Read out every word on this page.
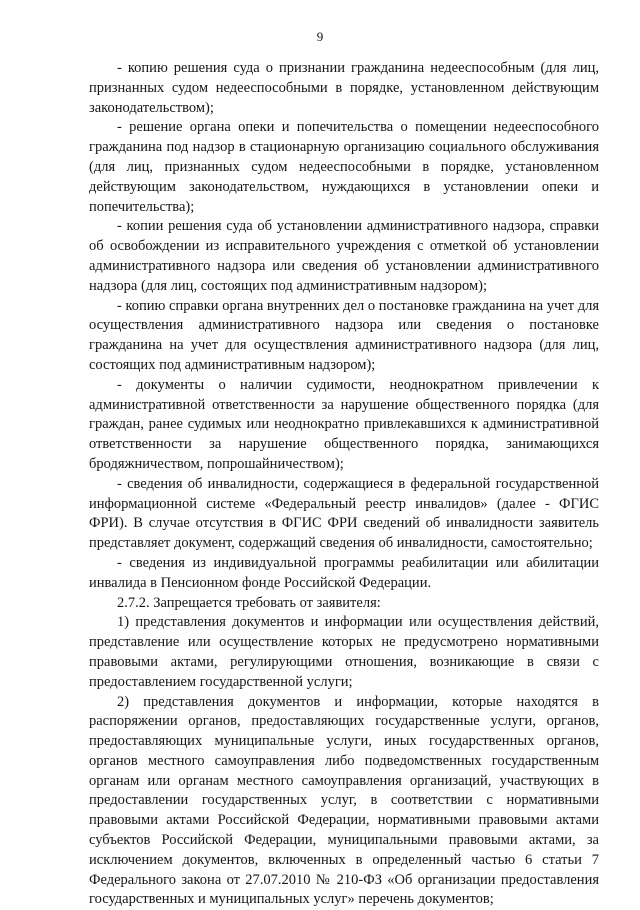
9

- копию решения суда о признании гражданина недееспособным (для лиц, признанных судом недееспособными в порядке, установленном действующим законодательством);

- решение органа опеки и попечительства о помещении недееспособного гражданина под надзор в стационарную организацию социального обслуживания (для лиц, признанных судом недееспособными в порядке, установленном действующим законодательством, нуждающихся в установлении опеки и попечительства);

- копии решения суда об установлении административного надзора, справки об освобождении из исправительного учреждения с отметкой об установлении административного надзора или сведения об установлении административного надзора (для лиц, состоящих под административным надзором);

- копию справки органа внутренних дел о постановке гражданина на учет для осуществления административного надзора или сведения о постановке гражданина на учет для осуществления административного надзора (для лиц, состоящих под административным надзором);

- документы о наличии судимости, неоднократном привлечении к административной ответственности за нарушение общественного порядка (для граждан, ранее судимых или неоднократно привлекавшихся к административной ответственности за нарушение общественного порядка, занимающихся бродяжничеством, попрошайничеством);

- сведения об инвалидности, содержащиеся в федеральной государственной информационной системе «Федеральный реестр инвалидов» (далее - ФГИС ФРИ). В случае отсутствия в ФГИС ФРИ сведений об инвалидности заявитель представляет документ, содержащий сведения об инвалидности, самостоятельно;

- сведения из индивидуальной программы реабилитации или абилитации инвалида в Пенсионном фонде Российской Федерации.

2.7.2. Запрещается требовать от заявителя:

1) представления документов и информации или осуществления действий, представление или осуществление которых не предусмотрено нормативными правовыми актами, регулирующими отношения, возникающие в связи с предоставлением государственной услуги;

2) представления документов и информации, которые находятся в распоряжении органов, предоставляющих государственные услуги, органов, предоставляющих муниципальные услуги, иных государственных органов, органов местного самоуправления либо подведомственных государственным органам или органам местного самоуправления организаций, участвующих в предоставлении государственных услуг, в соответствии с нормативными правовыми актами Российской Федерации, нормативными правовыми актами субъектов Российской Федерации, муниципальными правовыми актами, за исключением документов, включенных в определенный частью 6 статьи 7 Федерального закона от 27.07.2010 № 210-ФЗ «Об организации предоставления государственных и муниципальных услуг» перечень документов;
